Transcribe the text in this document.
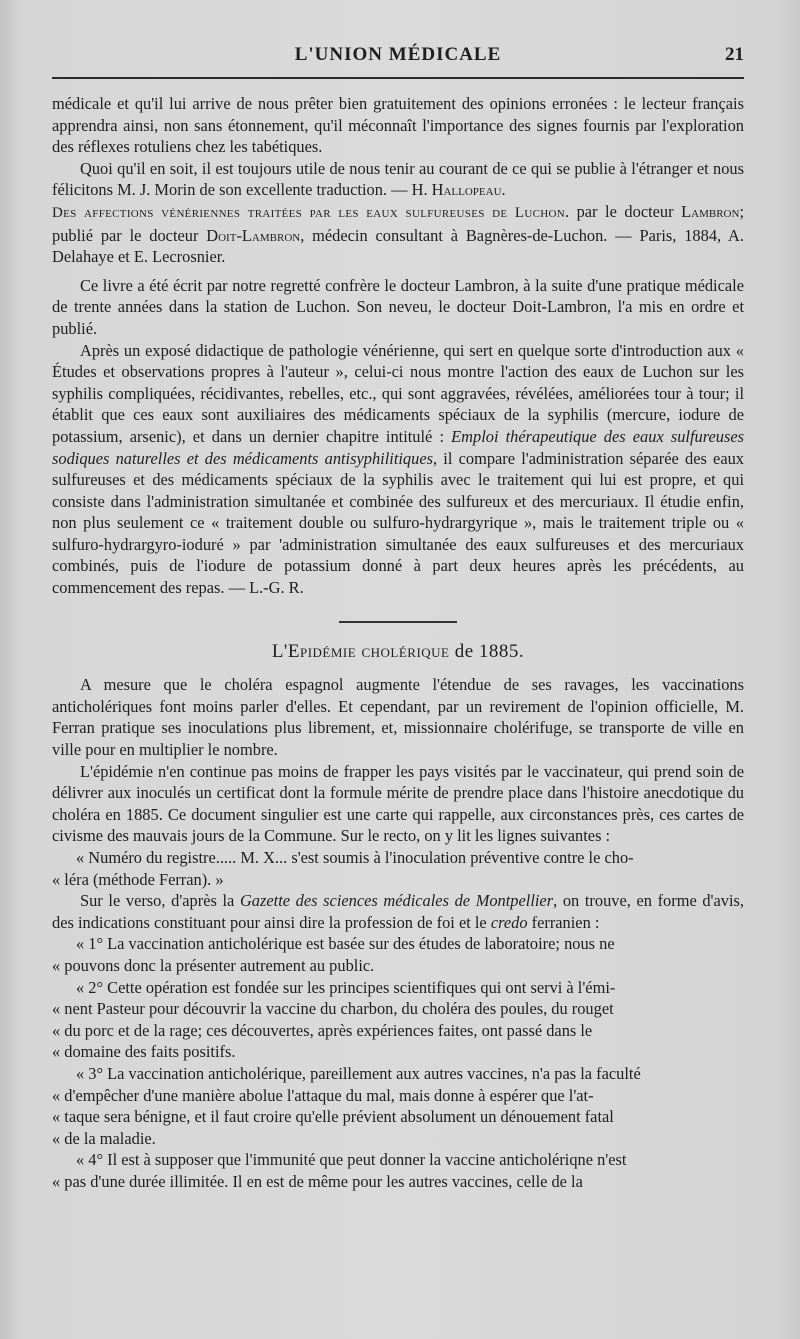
L'UNION MÉDICALE	21

médicale et qu'il lui arrive de nous prêter bien gratuitement des opinions erronées : le lecteur français apprendra ainsi, non sans étonnement, qu'il méconnaît l'importance des signes fournis par l'exploration des réflexes rotuliens chez les tabétiques.

Quoi qu'il en soit, il est toujours utile de nous tenir au courant de ce qui se publie à l'étranger et nous félicitons M. J. Morin de son excellente traduction. — H. Hallopeau.

Des affections vénériennes traitées par les eaux sulfureuses de Luchon. par le docteur Lambron; publié par le docteur Doit-Lambron, médecin consultant à Bagnères-de-Luchon. — Paris, 1884, A. Delahaye et E. Lecrosnier.

Ce livre a été écrit par notre regretté confrère le docteur Lambron, à la suite d'une pratique médicale de trente années dans la station de Luchon. Son neveu, le docteur Doit-Lambron, l'a mis en ordre et publié.

Après un exposé didactique de pathologie vénérienne, qui sert en quelque sorte d'introduction aux « Études et observations propres à l'auteur », celui-ci nous montre l'action des eaux de Luchon sur les syphilis compliquées, récidivantes, rebelles, etc., qui sont aggravées, révélées, améliorées tour à tour; il établit que ces eaux sont auxiliaires des médicaments spéciaux de la syphilis (mercure, iodure de potassium, arsenic), et dans un dernier chapitre intitulé : Emploi thérapeutique des eaux sulfureuses sodiques naturelles et des médicaments antisyphilitiques, il compare l'administration séparée des eaux sulfureuses et des médicaments spéciaux de la syphilis avec le traitement qui lui est propre, et qui consiste dans l'administration simultanée et combinée des sulfureux et des mercuriaux. Il étudie enfin, non plus seulement ce « traitement double ou sulfuro-hydrargyrique », mais le traitement triple ou « sulfuro-hydrargyro-ioduré » par 'administration simultanée des eaux sulfureuses et des mercuriaux combinés, puis de l'iodure de potassium donné à part deux heures après les précédents, au commencement des repas. — L.-G. R.

L'Epidémie cholérique de 1885.

A mesure que le choléra espagnol augmente l'étendue de ses ravages, les vaccinations anticholériques font moins parler d'elles. Et cependant, par un revirement de l'opinion officielle, M. Ferran pratique ses inoculations plus librement, et, missionnaire cholérifuge, se transporte de ville en ville pour en multiplier le nombre.

L'épidémie n'en continue pas moins de frapper les pays visités par le vaccinateur, qui prend soin de délivrer aux inoculés un certificat dont la formule mérite de prendre place dans l'histoire anecdotique du choléra en 1885. Ce document singulier est une carte qui rappelle, aux circonstances près, ces cartes de civisme des mauvais jours de la Commune. Sur le recto, on y lit les lignes suivantes :

« Numéro du registre..... M. X... s'est soumis à l'inoculation préventive contre le cho-

« léra (méthode Ferran). »

Sur le verso, d'après la Gazette des sciences médicales de Montpellier, on trouve, en forme d'avis, des indications constituant pour ainsi dire la profession de foi et le credo ferranien :

« 1° La vaccination anticholérique est basée sur des études de laboratoire; nous ne

« pouvons donc la présenter autrement au public.

« 2° Cette opération est fondée sur les principes scientifiques qui ont servi à l'émi-

« nent Pasteur pour découvrir la vaccine du charbon, du choléra des poules, du rouget

« du porc et de la rage; ces découvertes, après expériences faites, ont passé dans le

« domaine des faits positifs.

« 3° La vaccination anticholérique, pareillement aux autres vaccines, n'a pas la faculté

« d'empêcher d'une manière abolue l'attaque du mal, mais donne à espérer que l'at-

« taque sera bénigne, et il faut croire qu'elle prévient absolument un dénouement fatal

« de la maladie.

« 4° Il est à supposer que l'immunité que peut donner la vaccine anticholériqne n'est

« pas d'une durée illimitée. Il en est de même pour les autres vaccines, celle de la
